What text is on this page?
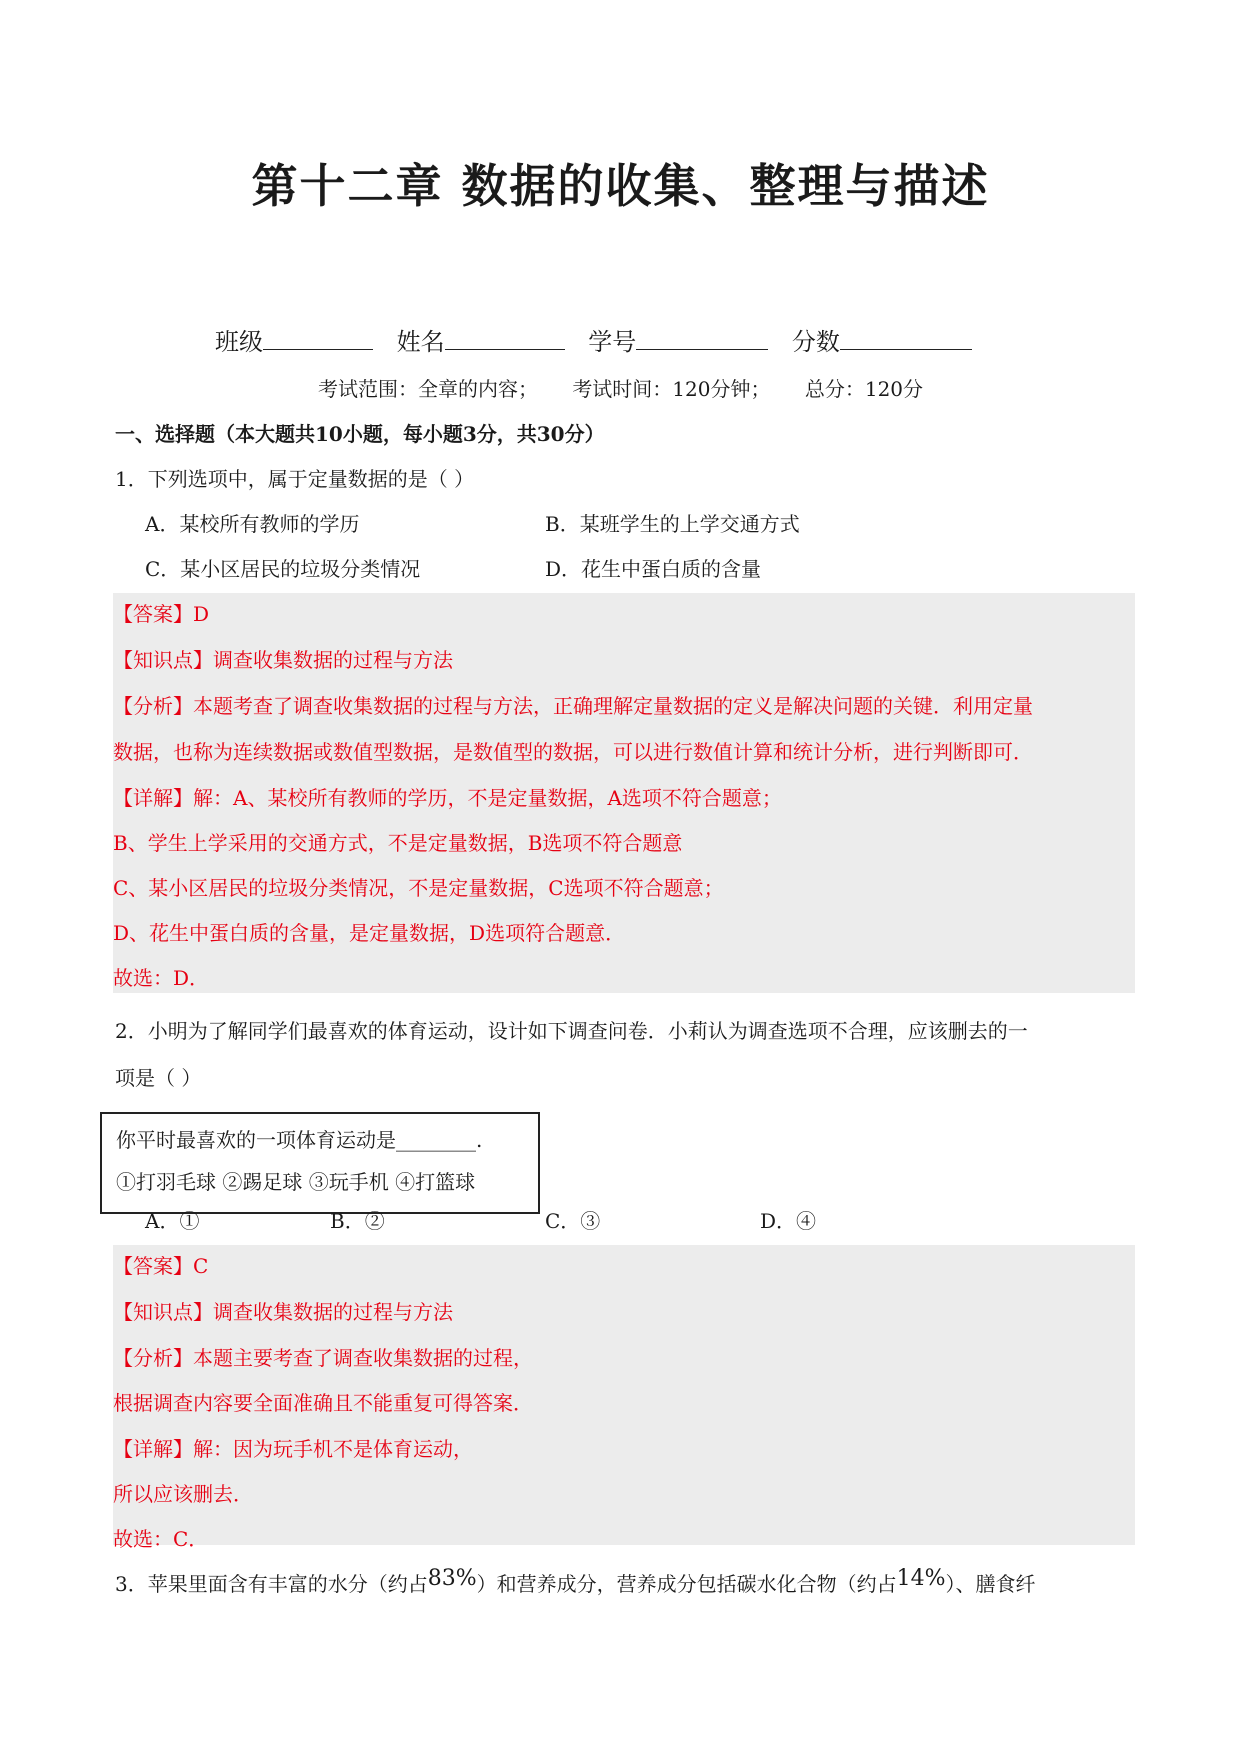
第十二章 数据的收集、整理与描述
班级	姓名	学号	分数
考试范围：全章的内容； 考试时间：120分钟； 总分：120分
一、选择题（本大题共10小题，每小题3分，共30分）
1．下列选项中，属于定量数据的是（ ）
A．某校所有教师的学历	B．某班学生的上学交通方式
C．某小区居民的垃圾分类情况	D．花生中蛋白质的含量
【答案】D
【知识点】调查收集数据的过程与方法
【分析】本题考查了调查收集数据的过程与方法，正确理解定量数据的定义是解决问题的关键．利用定量
数据，也称为连续数据或数值型数据，是数值型的数据，可以进行数值计算和统计分析，进行判断即可．
【详解】解：A、某校所有教师的学历，不是定量数据，A选项不符合题意；
B、学生上学采用的交通方式，不是定量数据，B选项不符合题意
C、某小区居民的垃圾分类情况，不是定量数据，C选项不符合题意；
D、花生中蛋白质的含量，是定量数据，D选项符合题意．
故选：D．
2．小明为了解同学们最喜欢的体育运动，设计如下调查问卷．小莉认为调查选项不合理，应该删去的一
项是（ ）
你平时最喜欢的一项体育运动是________.
①打羽毛球 ②踢足球 ③玩手机 ④打篮球
A．①	B．②	C．③	D．④
【答案】C
【知识点】调查收集数据的过程与方法
【分析】本题主要考查了调查收集数据的过程，
根据调查内容要全面准确且不能重复可得答案．
【详解】解：因为玩手机不是体育运动，
所以应该删去．
故选：C．
3．苹果里面含有丰富的水分（约占83%）和营养成分，营养成分包括碳水化合物（约占14%）、膳食纤
